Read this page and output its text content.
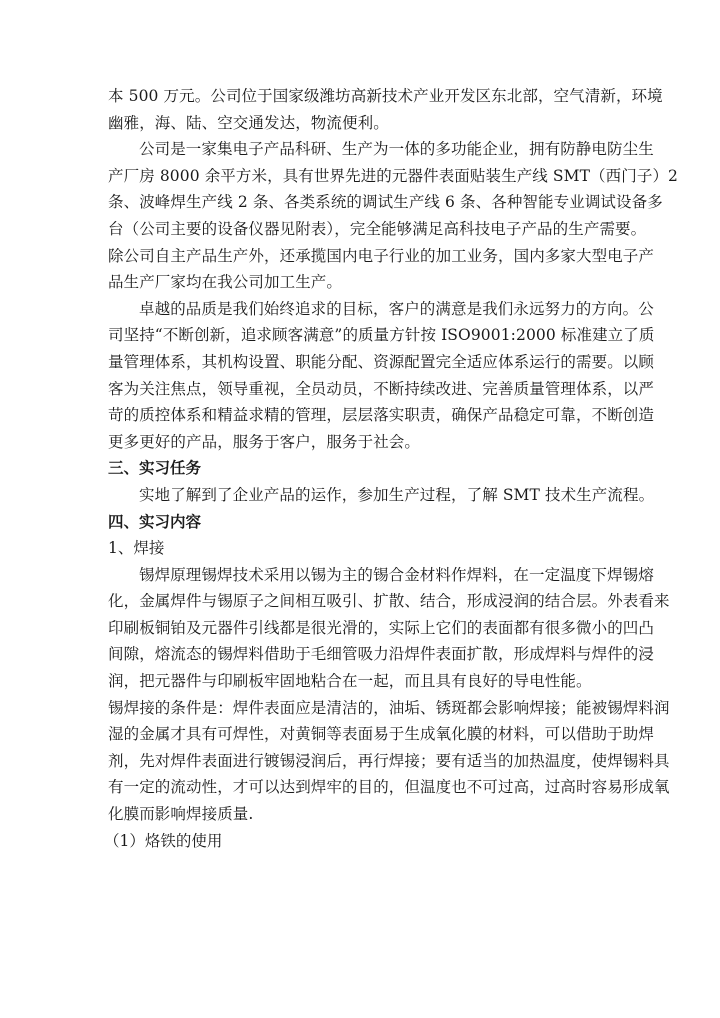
本 500 万元。公司位于国家级潍坊高新技术产业开发区东北部，空气清新，环境
幽雅，海、陆、空交通发达，物流便利。

公司是一家集电子产品科研、生产为一体的多功能企业，拥有防静电防尘生
产厂房 8000 余平方米，具有世界先进的元器件表面贴装生产线 SMT（西门子）2
条、波峰焊生产线 2 条、各类系统的调试生产线 6 条、各种智能专业调试设备多
台（公司主要的设备仪器见附表），完全能够满足高科技电子产品的生产需要。
除公司自主产品生产外，还承揽国内电子行业的加工业务，国内多家大型电子产
品生产厂家均在我公司加工生产。

卓越的品质是我们始终追求的目标，客户的满意是我们永远努力的方向。公
司坚持“不断创新，追求顾客满意”的质量方针按 ISO9001:2000 标准建立了质
量管理体系，其机构设置、职能分配、资源配置完全适应体系运行的需要。以顾
客为关注焦点，领导重视，全员动员，不断持续改进、完善质量管理体系，以严
苛的质控体系和精益求精的管理，层层落实职责，确保产品稳定可靠，不断创造
更多更好的产品，服务于客户，服务于社会。

三、实习任务

实地了解到了企业产品的运作，参加生产过程，了解 SMT 技术生产流程。

四、实习内容

1、焊接

锡焊原理锡焊技术采用以锡为主的锡合金材料作焊料，在一定温度下焊锡熔
化，金属焊件与锡原子之间相互吸引、扩散、结合，形成浸润的结合层。外表看来
印刷板铜铂及元器件引线都是很光滑的，实际上它们的表面都有很多微小的凹凸
间隙，熔流态的锡焊料借助于毛细管吸力沿焊件表面扩散，形成焊料与焊件的浸
润，把元器件与印刷板牢固地粘合在一起，而且具有良好的导电性能。

锡焊接的条件是：焊件表面应是清洁的，油垢、锈斑都会影响焊接；能被锡焊料润
湿的金属才具有可焊性，对黄铜等表面易于生成氧化膜的材料，可以借助于助焊
剂，先对焊件表面进行镀锡浸润后，再行焊接；要有适当的加热温度，使焊锡料具
有一定的流动性，才可以达到焊牢的目的，但温度也不可过高，过高时容易形成氧
化膜而影响焊接质量.

（1）烙铁的使用
